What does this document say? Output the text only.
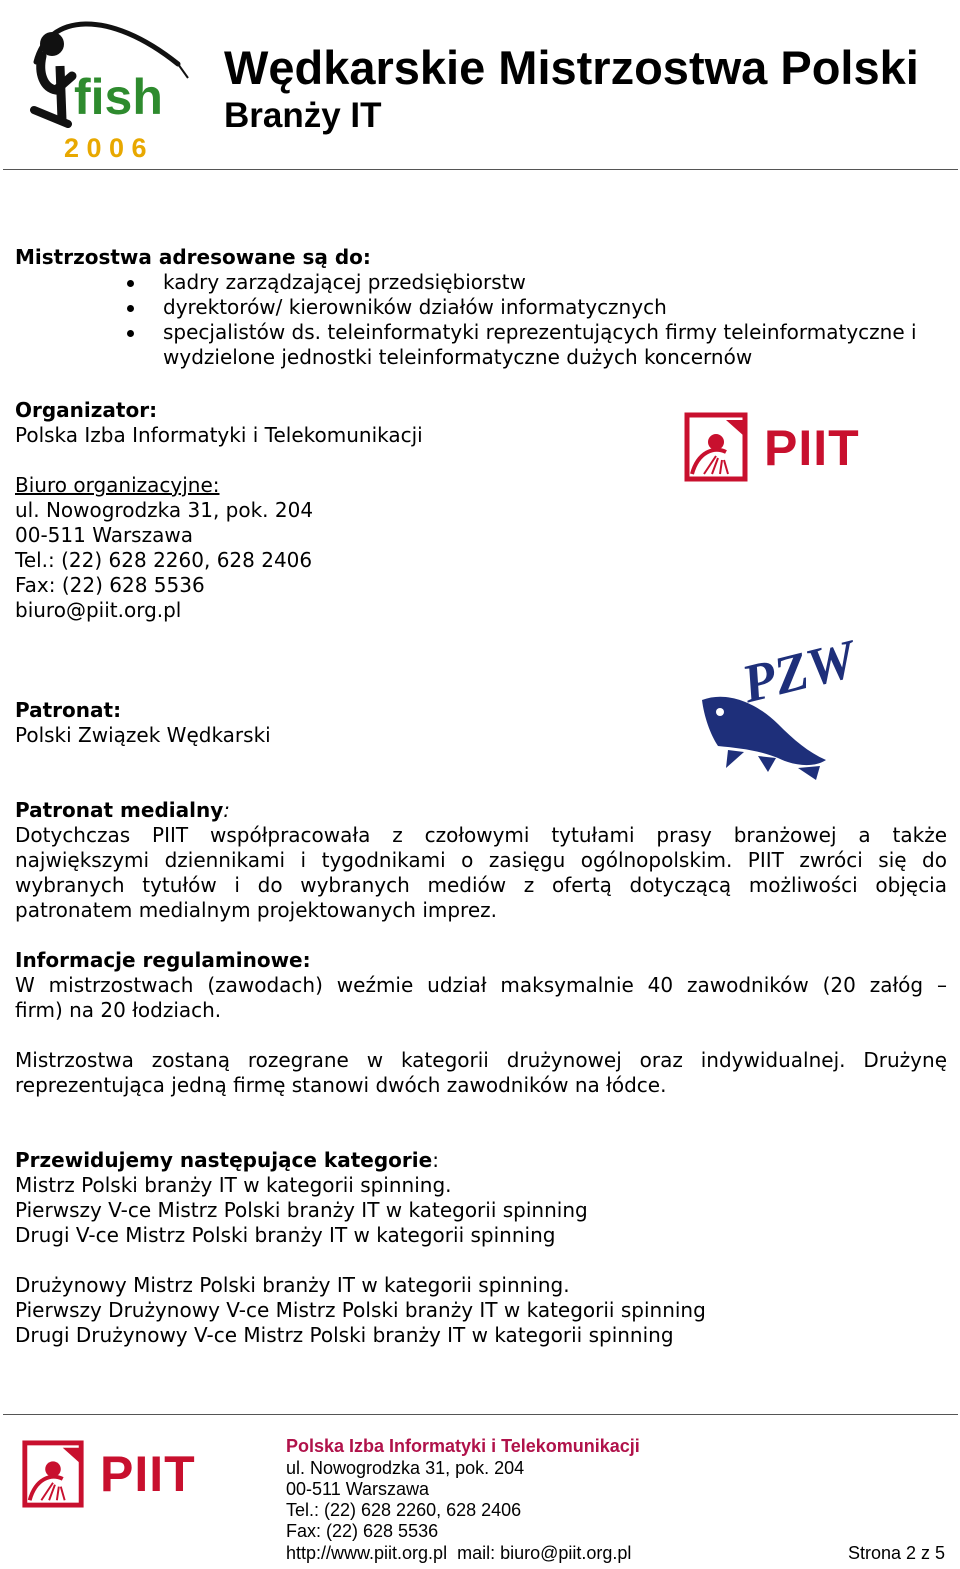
fish
2 0 0 6
Wędkarskie Mistrzostwa Polski
Branży IT
Mistrzostwa adresowane są do:
kadry zarządzającej przedsiębiorstw
dyrektorów/ kierowników działów informatycznych
specjalistów ds. teleinformatyki reprezentujących firmy teleinformatyczne i
wydzielone jednostki teleinformatyczne dużych koncernów
Organizator:
Polska Izba Informatyki i Telekomunikacji
Biuro organizacyjne:
ul. Nowogrodzka 31, pok. 204
00-511 Warszawa
Tel.: (22) 628 2260, 628 2406
Fax: (22) 628 5536
biuro@piit.org.pl
PIIT
Patronat:
Polski Związek Wędkarski
PZW
Patronat medialny:
Dotychczas PIIT współpracowała z czołowymi tytułami prasy branżowej a także
największymi dziennikami i tygodnikami o zasięgu ogólnopolskim. PIIT zwróci się do
wybranych tytułów i do wybranych mediów z ofertą dotyczącą możliwości objęcia
patronatem medialnym projektowanych imprez.
Informacje regulaminowe:
W mistrzostwach (zawodach) weźmie udział maksymalnie 40 zawodników (20 załóg –
firm) na 20 łodziach.
Mistrzostwa zostaną rozegrane w kategorii drużynowej oraz indywidualnej. Drużynę
reprezentująca jedną firmę stanowi dwóch zawodników na łódce.
Przewidujemy następujące kategorie:
Mistrz Polski branży IT w kategorii spinning.
Pierwszy V-ce Mistrz Polski branży IT w kategorii spinning
Drugi V-ce Mistrz Polski branży IT w kategorii spinning
Drużynowy Mistrz Polski branży IT w kategorii spinning.
Pierwszy Drużynowy V-ce Mistrz Polski branży IT w kategorii spinning
Drugi Drużynowy V-ce Mistrz Polski branży IT w kategorii spinning
PIIT	Polska Izba Informatyki i Telekomunikacji
ul. Nowogrodzka 31, pok. 204
00-511 Warszawa
Tel.: (22) 628 2260, 628 2406
Fax: (22) 628 5536
http://www.piit.org.pl  mail: biuro@piit.org.pl	Strona 2 z 5
